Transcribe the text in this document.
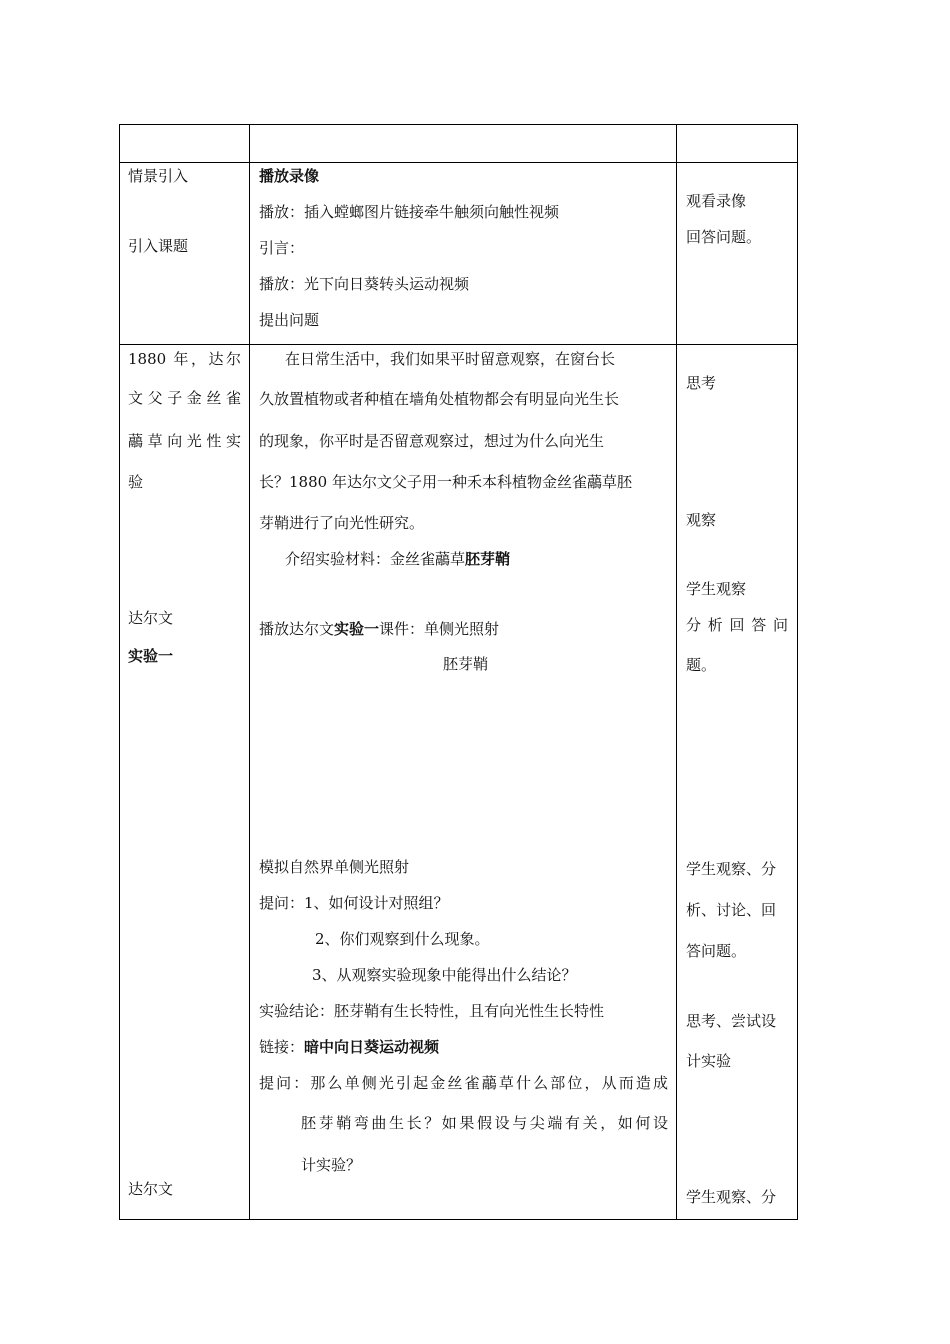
情景引入
引入课题
播放录像
播放：插入螳螂图片链接牵牛触须向触性视频
引言：
播放：光下向日葵转头运动视频
提出问题
观看录像
回答问题。
1880 年，达尔
文父子金丝雀
虉草向光性实
验
达尔文
实验一
达尔文
在日常生活中，我们如果平时留意观察，在窗台长
久放置植物或者种植在墙角处植物都会有明显向光生长
的现象，你平时是否留意观察过，想过为什么向光生
长？1880 年达尔文父子用一种禾本科植物金丝雀虉草胚
芽鞘进行了向光性研究。
介绍实验材料：金丝雀虉草胚芽鞘
播放达尔文实验一课件：单侧光照射
胚芽鞘
模拟自然界单侧光照射
提问：1、如何设计对照组？
2、你们观察到什么现象。
3、从观察实验现象中能得出什么结论？
实验结论：胚芽鞘有生长特性，且有向光性生长特性
链接：暗中向日葵运动视频
提问：那么单侧光引起金丝雀虉草什么部位，从而造成
胚芽鞘弯曲生长？如果假设与尖端有关，如何设
计实验？
思考
观察
学生观察
分析回答问
题。
学生观察、分
析、讨论、回
答问题。
思考、尝试设
计实验
学生观察、分
